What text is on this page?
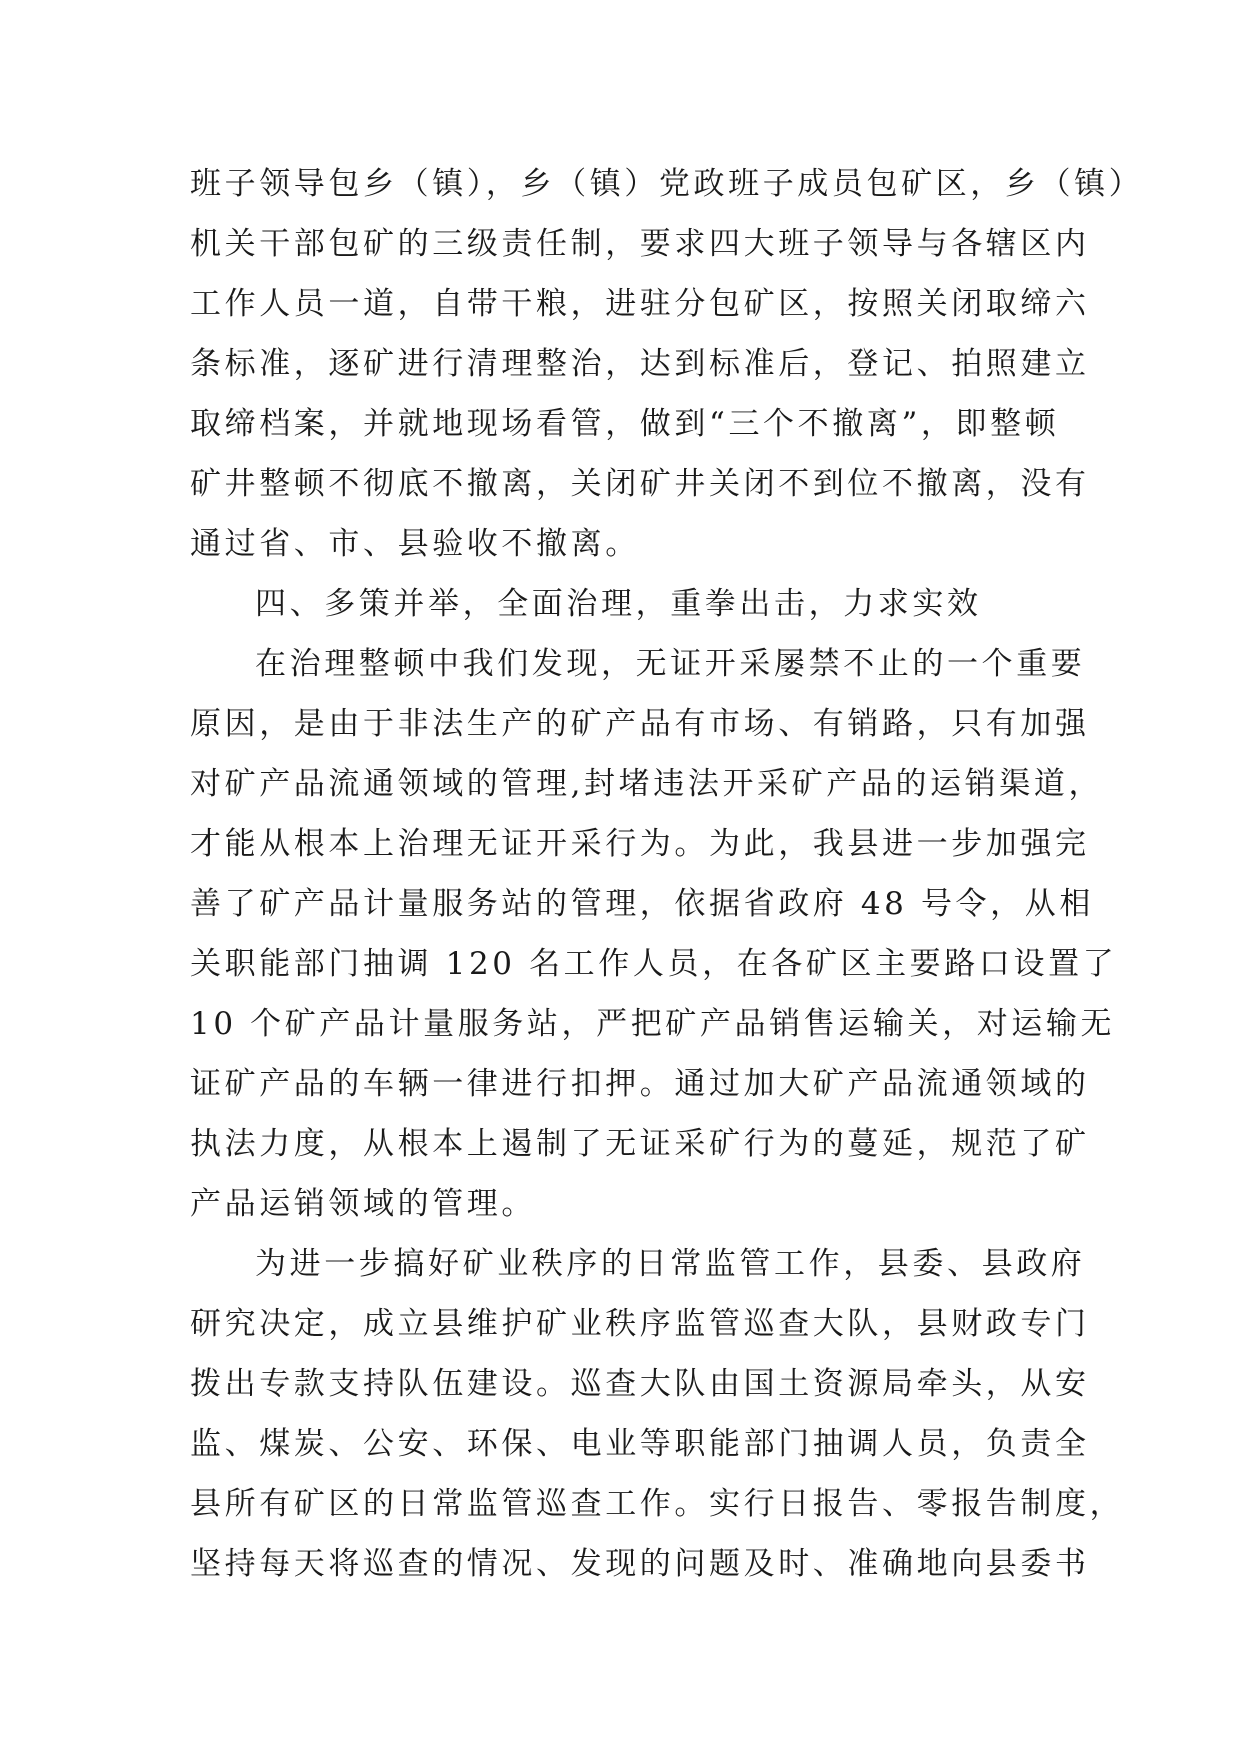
班子领导包乡（镇），乡（镇）党政班子成员包矿区，乡（镇）
机关干部包矿的三级责任制，要求四大班子领导与各辖区内
工作人员一道，自带干粮，进驻分包矿区，按照关闭取缔六
条标准，逐矿进行清理整治，达到标准后，登记、拍照建立
取缔档案，并就地现场看管，做到“三个不撤离”，即整顿
矿井整顿不彻底不撤离，关闭矿井关闭不到位不撤离，没有
通过省、市、县验收不撤离。
四、多策并举，全面治理，重拳出击，力求实效
在治理整顿中我们发现，无证开采屡禁不止的一个重要
原因，是由于非法生产的矿产品有市场、有销路，只有加强
对矿产品流通领域的管理,封堵违法开采矿产品的运销渠道，
才能从根本上治理无证开采行为。为此，我县进一步加强完
善了矿产品计量服务站的管理，依据省政府 48 号令，从相
关职能部门抽调 120 名工作人员，在各矿区主要路口设置了
10 个矿产品计量服务站，严把矿产品销售运输关，对运输无
证矿产品的车辆一律进行扣押。通过加大矿产品流通领域的
执法力度，从根本上遏制了无证采矿行为的蔓延，规范了矿
产品运销领域的管理。
为进一步搞好矿业秩序的日常监管工作，县委、县政府
研究决定，成立县维护矿业秩序监管巡查大队，县财政专门
拨出专款支持队伍建设。巡查大队由国土资源局牵头，从安
监、煤炭、公安、环保、电业等职能部门抽调人员，负责全
县所有矿区的日常监管巡查工作。实行日报告、零报告制度，
坚持每天将巡查的情况、发现的问题及时、准确地向县委书
